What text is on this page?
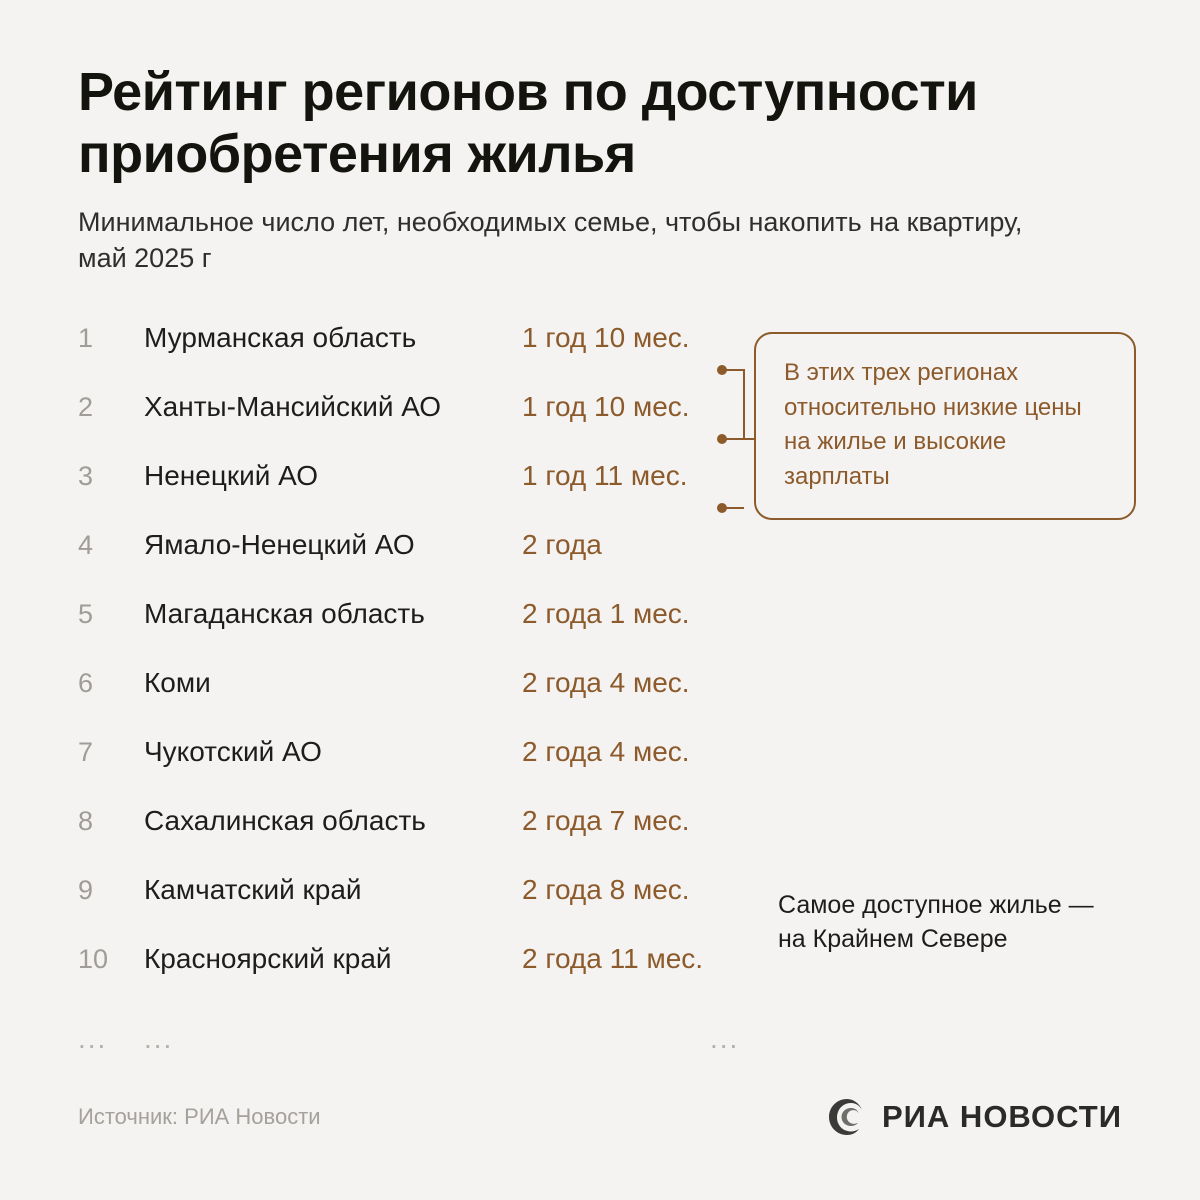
Рейтинг регионов по доступности приобретения жилья

Минимальное число лет, необходимых семье, чтобы накопить на квартиру, май 2025 г

1	Мурманская область	1 год 10 мес.
2	Ханты-Мансийский АО	1 год 10 мес.
3	Ненецкий АО	1 год 11 мес.
4	Ямало-Ненецкий АО	2 года
5	Магаданская область	2 года 1 мес.
6	Коми	2 года 4 мес.
7	Чукотский АО	2 года 4 мес.
8	Сахалинская область	2 года 7 мес.
9	Камчатский край	2 года 8 мес.
10	Красноярский край	2 года 11 мес.
...	...	...

В этих трех регионах относительно низкие цены на жилье и высокие зарплаты

Самое доступное жилье — на Крайнем Севере
Источник: РИА Новости	РИА НОВОСТИ
